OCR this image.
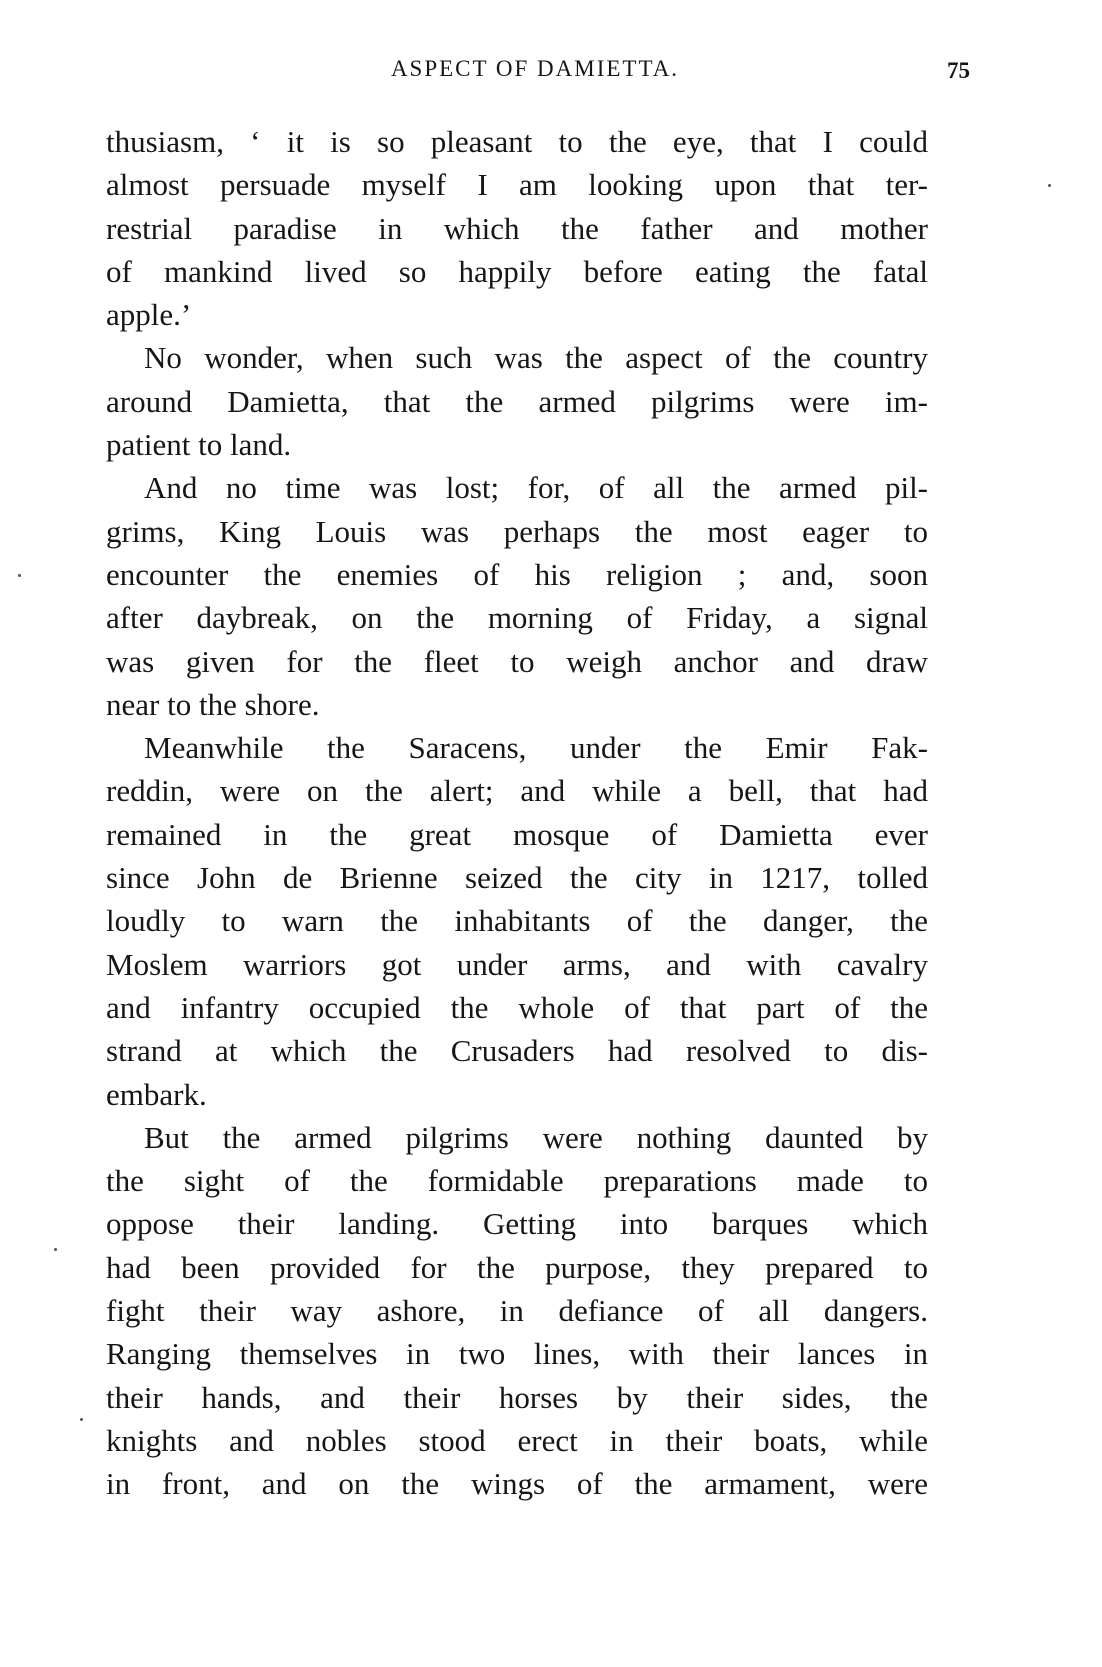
ASPECT OF DAMIETTA.	75
thusiasm, ‘ it is so pleasant to the eye, that I could
almost persuade myself I am looking upon that ter-
restrial paradise in which the father and mother
of mankind lived so happily before eating the fatal
apple.’
No wonder, when such was the aspect of the country
around Damietta, that the armed pilgrims were im-
patient to land.
And no time was lost; for, of all the armed pil-
grims, King Louis was perhaps the most eager to
encounter the enemies of his religion ; and, soon
after daybreak, on the morning of Friday, a signal
was given for the fleet to weigh anchor and draw
near to the shore.
Meanwhile the Saracens, under the Emir Fak-
reddin, were on the alert; and while a bell, that had
remained in the great mosque of Damietta ever
since John de Brienne seized the city in 1217, tolled
loudly to warn the inhabitants of the danger, the
Moslem warriors got under arms, and with cavalry
and infantry occupied the whole of that part of the
strand at which the Crusaders had resolved to dis-
embark.
But the armed pilgrims were nothing daunted by
the sight of the formidable preparations made to
oppose their landing. Getting into barques which
had been provided for the purpose, they prepared to
fight their way ashore, in defiance of all dangers.
Ranging themselves in two lines, with their lances in
their hands, and their horses by their sides, the
knights and nobles stood erect in their boats, while
in front, and on the wings of the armament, were
